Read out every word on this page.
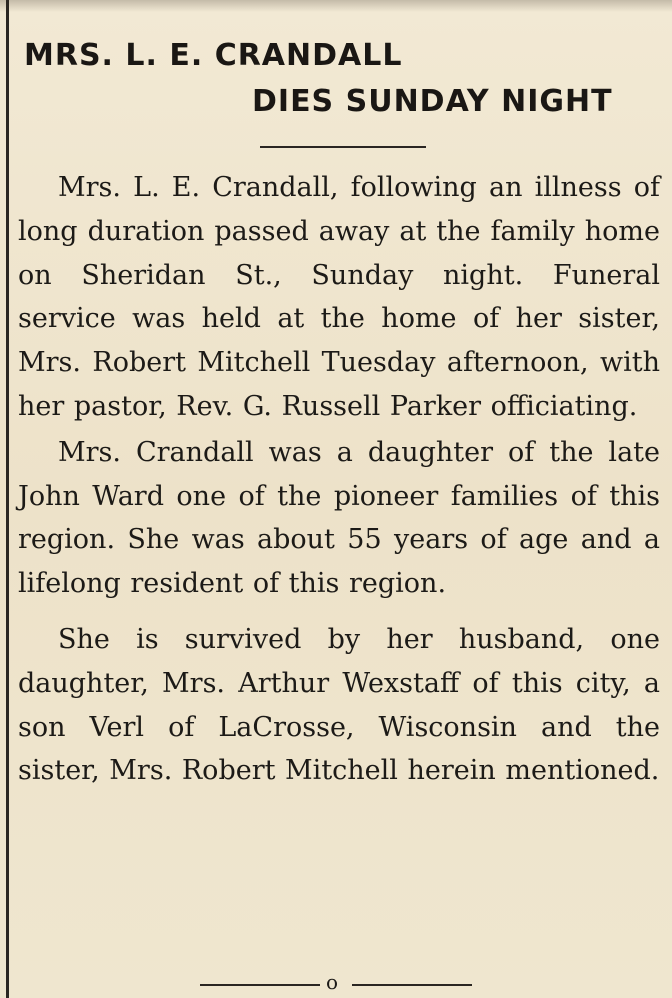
MRS. L. E. CRANDALL
DIES SUNDAY NIGHT

Mrs. L. E. Crandall, following an illness of long duration passed away at the family home on Sheridan St., Sunday night. Funeral service was held at the home of her sister, Mrs. Robert Mitchell Tuesday afternoon, with her pastor, Rev. G. Russell Parker officiating.

Mrs. Crandall was a daughter of the late John Ward one of the pioneer families of this region. She was about 55 years of age and a lifelong resident of this region.

She is survived by her husband, one daughter, Mrs. Arthur Wexstaff of this city, a son Verl of LaCrosse, Wisconsin and the sister, Mrs. Robert Mitchell herein mentioned.

o
